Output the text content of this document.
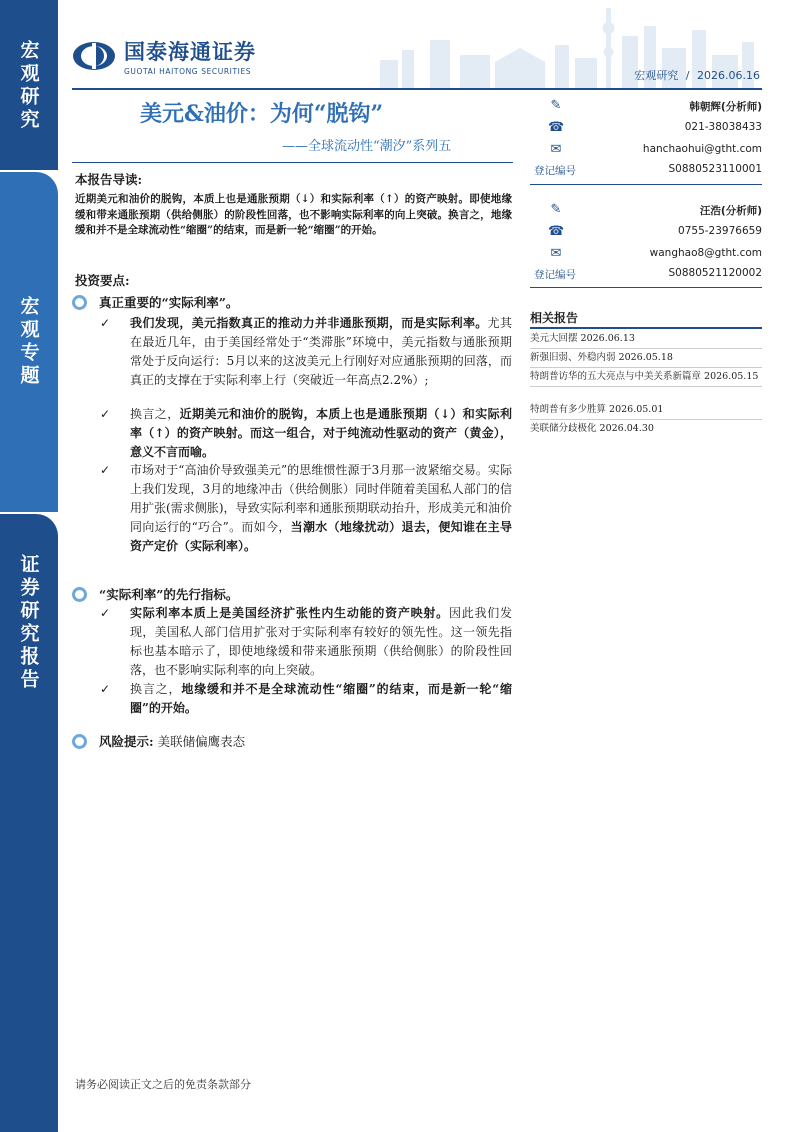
宏观研究
宏观专题
证券研究报告
国泰海通证券
GUOTAI HAITONG SECURITIES	宏观研究 / 2026.06.16
美元&油价：为何“脱钩”
——全球流动性“潮汐”系列五
本报告导读:
近期美元和油价的脱钩，本质上也是通胀预期（↓）和实际利率（↑）的资产映射。即使地缘缓和带来通胀预期（供给侧胀）的阶段性回落，也不影响实际利率的向上突破。换言之，地缘缓和并不是全球流动性“缩圈”的结束，而是新一轮“缩圈”的开始。
投资要点:
真正重要的“实际利率”。
✓ 我们发现，美元指数真正的推动力并非通胀预期，而是实际利率。尤其在最近几年，由于美国经常处于“类滞胀”环境中，美元指数与通胀预期常处于反向运行：5月以来的这波美元上行刚好对应通胀预期的回落，而真正的支撑在于实际利率上行（突破近一年高点2.2%）;
✓ 换言之，近期美元和油价的脱钩，本质上也是通胀预期（↓）和实际利率（↑）的资产映射。而这一组合，对于纯流动性驱动的资产（黄金），意义不言而喻。
✓ 市场对于“高油价导致强美元”的思维惯性源于3月那一波紧缩交易。实际上我们发现，3月的地缘冲击（供给侧胀）同时伴随着美国私人部门的信用扩张(需求侧胀)，导致实际利率和通胀预期联动抬升，形成美元和油价同向运行的“巧合”。而如今，当潮水（地缘扰动）退去，便知谁在主导资产定价（实际利率）。
“实际利率”的先行指标。
✓ 实际利率本质上是美国经济扩张性内生动能的资产映射。因此我们发现，美国私人部门信用扩张对于实际利率有较好的领先性。这一领先指标也基本暗示了，即使地缘缓和带来通胀预期（供给侧胀）的阶段性回落，也不影响实际利率的向上突破。
✓ 换言之，地缘缓和并不是全球流动性“缩圈”的结束，而是新一轮“缩圈”的开始。
风险提示: 美联储偏鹰表态
✎	韩朝辉(分析师)
☎	021-38038433
✉	hanchaohui@gtht.com
登记编号	S0880523110001
✎	汪浩(分析师)
☎	0755-23976659
✉	wanghao8@gtht.com
登记编号	S0880521120002
相关报告
美元大回摆 2026.06.13
新强旧弱、外稳内弱 2026.05.18
特朗普访华的五大亮点与中美关系新篇章 2026.05.15
特朗普有多少胜算 2026.05.01
美联储分歧极化 2026.04.30
请务必阅读正文之后的免责条款部分
